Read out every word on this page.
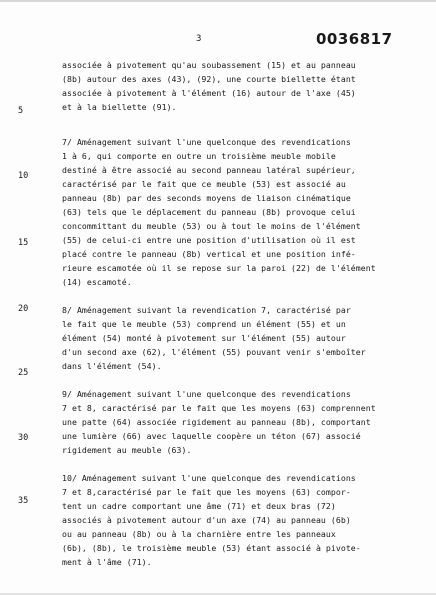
3	0036817
5
10
15
20
25
30
35
associée à pivotement qu'au soubassement (15) et au panneau
(8b) autour des axes (43), (92), une courte biellette étant
associée à pivotement à l'élément (16) autour de l'axe (45)
et à la biellette (91).
7/ Aménagement suivant l'une quelconque des revendications
1 à 6, qui comporte en outre un troisième meuble mobile
destiné à être associé au second panneau latéral supérieur,
caractérisé par le fait que ce meuble (53) est associé au
panneau (8b) par des seconds moyens de liaison cinématique
(63) tels que le déplacement du panneau (8b) provoque celui
concommittant du meuble (53) ou à tout le moins de l'élément
(55) de celui-ci entre une position d'utilisation où il est
placé contre le panneau (8b) vertical et une position infé-
rieure escamotée où il se repose sur la paroi (22) de l'élément
(14) escamoté.
8/ Aménagement suivant la revendication 7, caractérisé par
le fait que le meuble (53) comprend un élément (55) et un
élément (54) monté à pivotement sur l'élément (55) autour
d'un second axe (62), l'élément (55) pouvant venir s'emboîter
dans l'élément (54).
9/ Aménagement suivant l'une quelconque des revendications
7 et 8, caractérisé par le fait que les moyens (63) comprennent
une patte (64) associée rigidement au panneau (8b), comportant
une lumière (66) avec laquelle coopère un téton (67) associé
rigidement au meuble (63).
10/ Aménagement suivant l'une quelconque des revendications
7 et 8,caractérisé par le fait que les moyens (63) compor-
tent un cadre comportant une âme (71) et deux bras (72)
associés à pivotement autour d'un axe (74) au panneau (6b)
ou au panneau (8b) ou à la charnière entre les panneaux
(6b), (8b), le troisième meuble (53) étant associé à pivote-
ment à l'âme (71).
